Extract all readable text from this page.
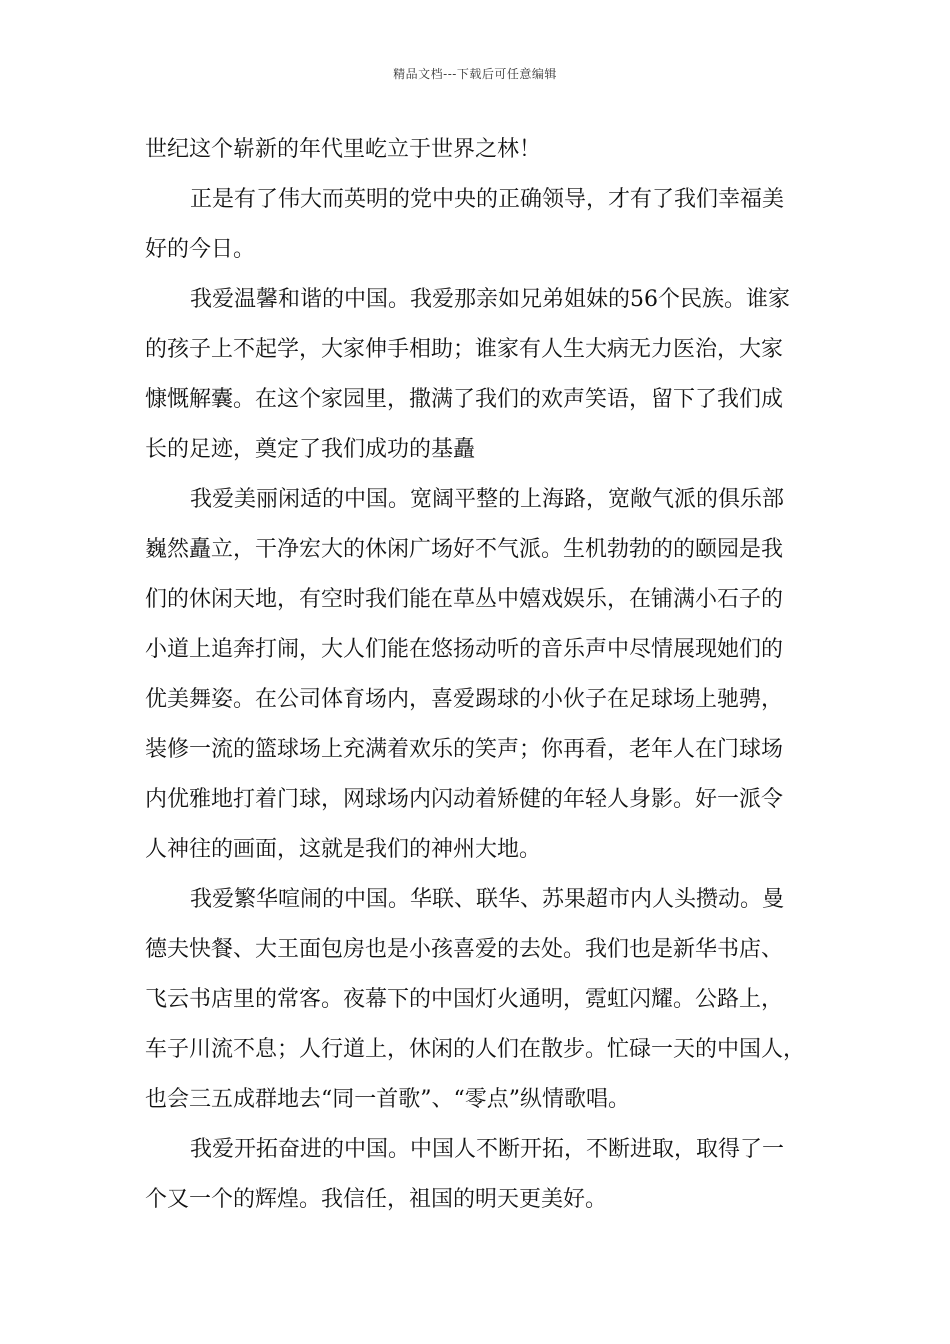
精品文档---下载后可任意编辑
世纪这个崭新的年代里屹立于世界之林！
正是有了伟大而英明的党中央的正确领导，才有了我们幸福美
好的今日。
我爱温馨和谐的中国。我爱那亲如兄弟姐妹的56个民族。谁家
的孩子上不起学，大家伸手相助；谁家有人生大病无力医治，大家
慷慨解囊。在这个家园里，撒满了我们的欢声笑语，留下了我们成
长的足迹，奠定了我们成功的基矗
我爱美丽闲适的中国。宽阔平整的上海路，宽敞气派的俱乐部
巍然矗立，干净宏大的休闲广场好不气派。生机勃勃的的颐园是我
们的休闲天地，有空时我们能在草丛中嬉戏娱乐，在铺满小石子的
小道上追奔打闹，大人们能在悠扬动听的音乐声中尽情展现她们的
优美舞姿。在公司体育场内，喜爱踢球的小伙子在足球场上驰骋，
装修一流的篮球场上充满着欢乐的笑声；你再看，老年人在门球场
内优雅地打着门球，网球场内闪动着矫健的年轻人身影。好一派令
人神往的画面，这就是我们的神州大地。
我爱繁华喧闹的中国。华联、联华、苏果超市内人头攒动。曼
德夫快餐、大王面包房也是小孩喜爱的去处。我们也是新华书店、
飞云书店里的常客。夜幕下的中国灯火通明，霓虹闪耀。公路上，
车子川流不息；人行道上，休闲的人们在散步。忙碌一天的中国人，
也会三五成群地去“同一首歌”、“零点”纵情歌唱。
我爱开拓奋进的中国。中国人不断开拓，不断进取，取得了一
个又一个的辉煌。我信任，祖国的明天更美好。
